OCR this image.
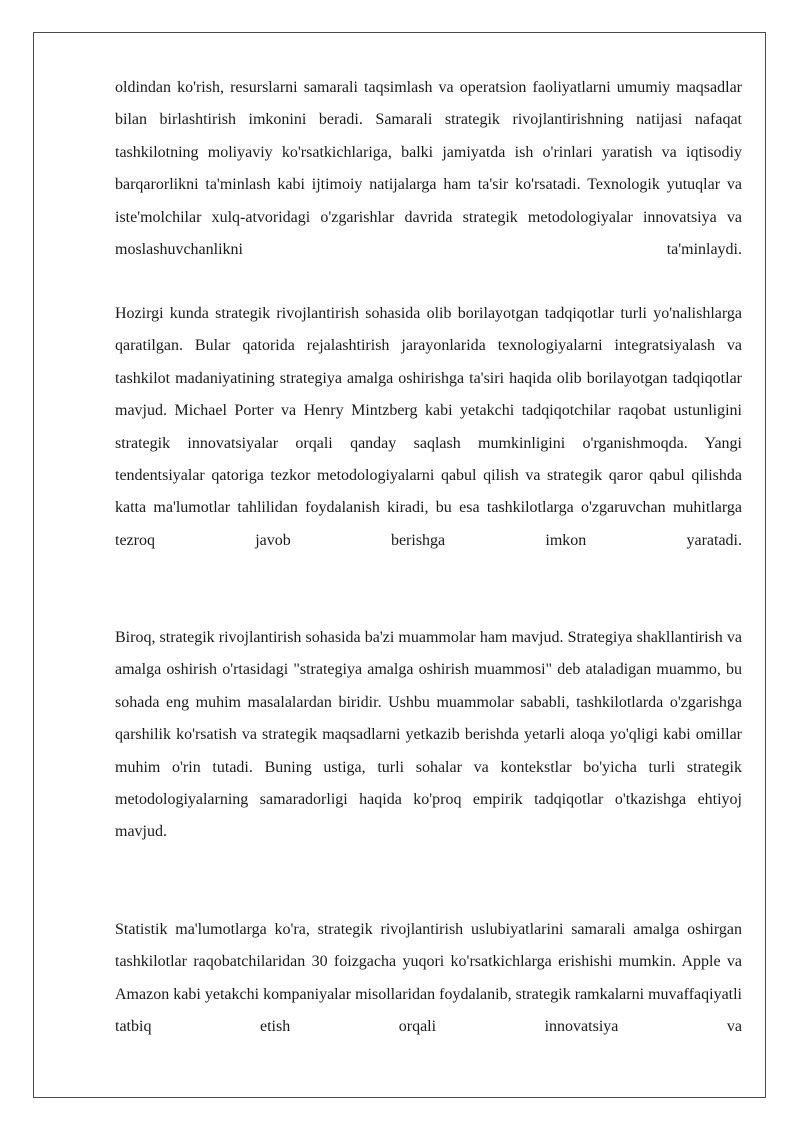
oldindan ko'rish, resurslarni samarali taqsimlash va operatsion faoliyatlarni umumiy maqsadlar bilan birlashtirish imkonini beradi. Samarali strategik rivojlantirishning natijasi nafaqat tashkilotning moliyaviy ko'rsatkichlariga, balki jamiyatda ish o'rinlari yaratish va iqtisodiy barqarorlikni ta'minlash kabi ijtimoiy natijalarga ham ta'sir ko'rsatadi. Texnologik yutuqlar va iste'molchilar xulq-atvoridagi o'zgarishlar davrida strategik metodologiyalar innovatsiya va moslashuvchanlikni ta'minlaydi.

Hozirgi kunda strategik rivojlantirish sohasida olib borilayotgan tadqiqotlar turli yo'nalishlarga qaratilgan. Bular qatorida rejalashtirish jarayonlarida texnologiyalarni integratsiyalash va tashkilot madaniyatining strategiya amalga oshirishga ta'siri haqida olib borilayotgan tadqiqotlar mavjud. Michael Porter va Henry Mintzberg kabi yetakchi tadqiqotchilar raqobat ustunligini strategik innovatsiyalar orqali qanday saqlash mumkinligini o'rganishmoqda. Yangi tendentsiyalar qatoriga tezkor metodologiyalarni qabul qilish va strategik qaror qabul qilishda katta ma'lumotlar tahlilidan foydalanish kiradi, bu esa tashkilotlarga o'zgaruvchan muhitlarga tezroq javob berishga imkon yaratadi.

Biroq, strategik rivojlantirish sohasida ba'zi muammolar ham mavjud. Strategiya shakllantirish va amalga oshirish o'rtasidagi "strategiya amalga oshirish muammosi" deb ataladigan muammo, bu sohada eng muhim masalalardan biridir. Ushbu muammolar sababli, tashkilotlarda o'zgarishga qarshilik ko'rsatish va strategik maqsadlarni yetkazib berishda yetarli aloqa yo'qligi kabi omillar muhim o'rin tutadi. Buning ustiga, turli sohalar va kontekstlar bo'yicha turli strategik metodologiyalarning samaradorligi haqida ko'proq empirik tadqiqotlar o'tkazishga ehtiyoj mavjud.

Statistik ma'lumotlarga ko'ra, strategik rivojlantirish uslubiyatlarini samarali amalga oshirgan tashkilotlar raqobatchilaridan 30 foizgacha yuqori ko'rsatkichlarga erishishi mumkin. Apple va Amazon kabi yetakchi kompaniyalar misollaridan foydalanib, strategik ramkalarni muvaffaqiyatli tatbiq etish orqali innovatsiya va
